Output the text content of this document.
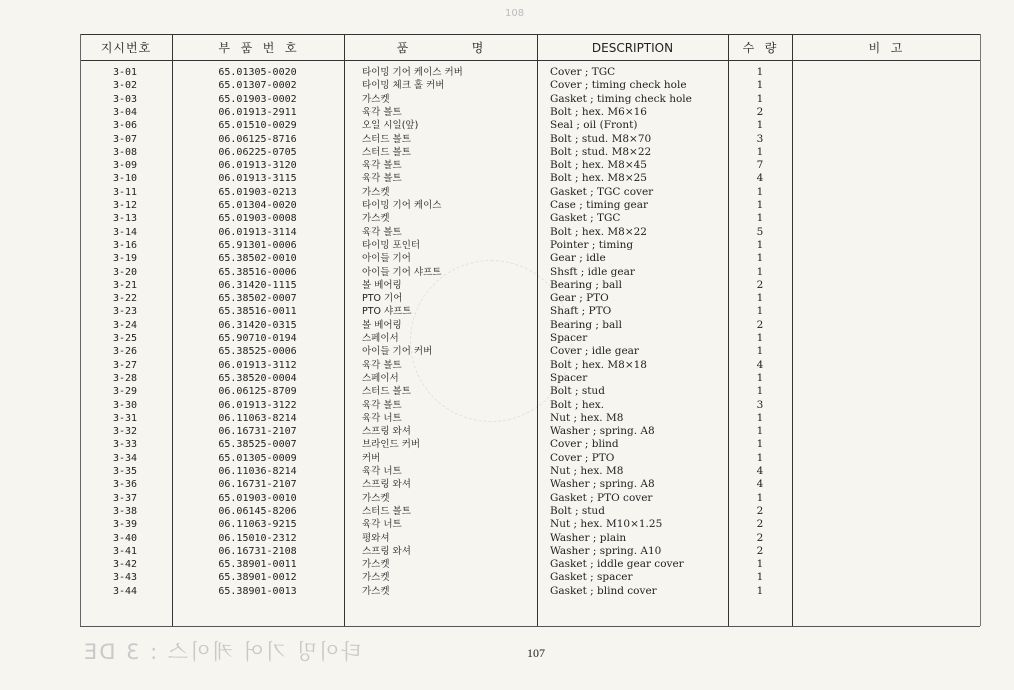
108
지시번호	부  품  번  호	품             명	DESCRIPTION	수  량	비  고
3-01	65.01305-0020	타이밍 기어 케이스 커버	Cover ; TGC	1
3-02	65.01307-0002	타이밍 체크 홀 커버	Cover ; timing check hole	1
3-03	65.01903-0002	가스켓	Gasket ; timing check hole	1
3-04	06.01913-2911	육각 볼트	Bolt ; hex. M6×16	2
3-06	65.01510-0029	오일 시일(앞)	Seal ; oil (Front)	1
3-07	06.06125-8716	스터드 볼트	Bolt ; stud. M8×70	3
3-08	06.06225-0705	스터드 볼트	Bolt ; stud. M8×22	1
3-09	06.01913-3120	육각 볼트	Bolt ; hex. M8×45	7
3-10	06.01913-3115	육각 볼트	Bolt ; hex. M8×25	4
3-11	65.01903-0213	가스켓	Gasket ; TGC cover	1
3-12	65.01304-0020	타이밍 기어 케이스	Case ; timing gear	1
3-13	65.01903-0008	가스켓	Gasket ; TGC	1
3-14	06.01913-3114	육각 볼트	Bolt ; hex. M8×22	5
3-16	65.91301-0006	타이밍 포인터	Pointer ; timing	1
3-19	65.38502-0010	아이들 기어	Gear ; idle	1
3-20	65.38516-0006	아이들 기어 샤프트	Shsft ; idle gear	1
3-21	06.31420-1115	볼 베어링	Bearing ; ball	2
3-22	65.38502-0007	PTO 기어	Gear ; PTO	1
3-23	65.38516-0011	PTO 샤프트	Shaft ; PTO	1
3-24	06.31420-0315	볼 베어링	Bearing ; ball	2
3-25	65.90710-0194	스페이서	Spacer	1
3-26	65.38525-0006	아이들 기어 커버	Cover ; idle gear	1
3-27	06.01913-3112	육각 볼트	Bolt ; hex. M8×18	4
3-28	65.38520-0004	스페이서	Spacer	1
3-29	06.06125-8709	스터드 볼트	Bolt ; stud	1
3-30	06.01913-3122	육각 볼트	Bolt ; hex.	3
3-31	06.11063-8214	육각 너트	Nut ; hex. M8	1
3-32	06.16731-2107	스프링 와셔	Washer ; spring. A8	1
3-33	65.38525-0007	브라인드 커버	Cover ; blind	1
3-34	65.01305-0009	커버	Cover ; PTO	1
3-35	06.11036-8214	육각 너트	Nut ; hex. M8	4
3-36	06.16731-2107	스프링 와셔	Washer ; spring. A8	4
3-37	65.01903-0010	가스켓	Gasket ; PTO cover	1
3-38	06.06145-8206	스터드 볼트	Bolt ; stud	2
3-39	06.11063-9215	육각 너트	Nut ; hex. M10×1.25	2
3-40	06.15010-2312	평와셔	Washer ; plain	2
3-41	06.16731-2108	스프링 와셔	Washer ; spring. A10	2
3-42	65.38901-0011	가스켓	Gasket ; iddle gear cover	1
3-43	65.38901-0012	가스켓	Gasket ; spacer	1
3-44	65.38901-0013	가스켓	Gasket ; blind cover	1
타이밍 기어 케이스 : 3 DE	107
